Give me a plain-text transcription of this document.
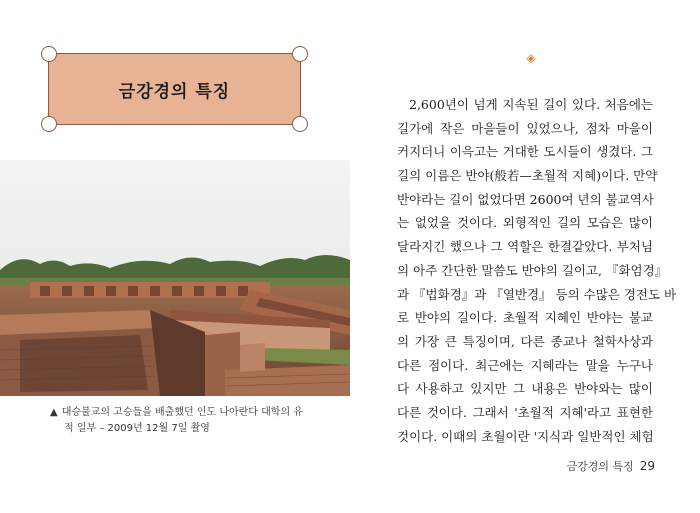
금강경의 특징
▲ 대승불교의 고승들을 배출했던 인도 나아란다 대학의 유
적 일부 – 2009년 12월 7일 촬영
◈
2,600년이 넘게 지속된 길이 있다. 처음에는
길가에 작은 마을들이 있었으나, 점차 마을이
커지더니 이윽고는 거대한 도시들이 생겼다. 그
길의 이름은 반야(般若—초월적 지혜)이다. 만약
반야라는 길이 없었다면 2600여 년의 불교역사
는 없었을 것이다. 외형적인 길의 모습은 많이
달라지긴 했으나 그 역할은 한결같았다. 부처님
의 아주 간단한 말씀도 반야의 길이고, 『화엄경』
과 『법화경』과 『열반경』 등의 수많은 경전도 바
로 반야의 길이다. 초월적 지혜인 반야는 불교
의 가장 큰 특징이며, 다른 종교나 철학사상과
다른 점이다. 최근에는 지혜라는 말을 누구나
다 사용하고 있지만 그 내용은 반야와는 많이
다른 것이다. 그래서 '초월적 지혜'라고 표현한
것이다. 이때의 초월이란 '지식과 일반적인 체험
금강경의 특징 29
